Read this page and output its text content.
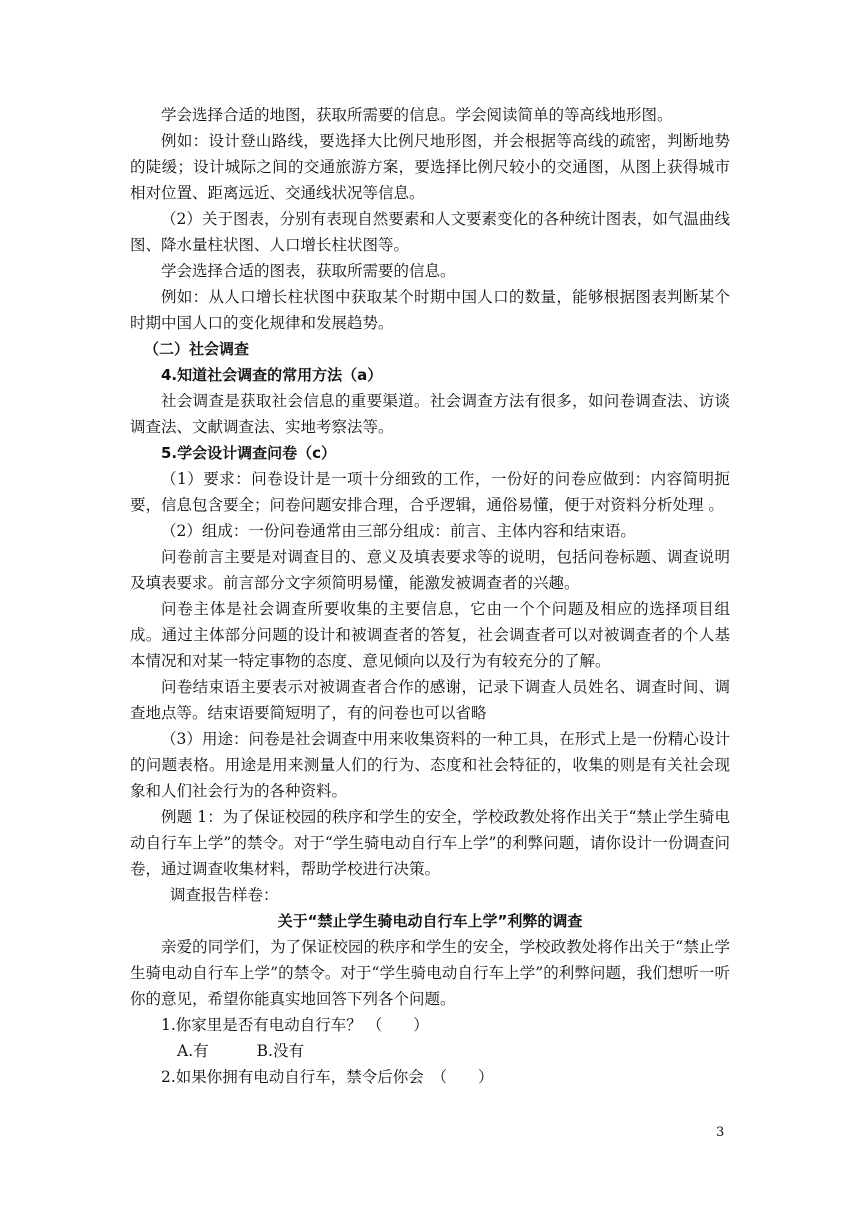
学会选择合适的地图，获取所需要的信息。学会阅读简单的等高线地形图。

例如：设计登山路线，要选择大比例尺地形图，并会根据等高线的疏密，判断地势的陡缓；设计城际之间的交通旅游方案，要选择比例尺较小的交通图，从图上获得城市相对位置、距离远近、交通线状况等信息。

（2）关于图表，分别有表现自然要素和人文要素变化的各种统计图表，如气温曲线图、降水量柱状图、人口增长柱状图等。

学会选择合适的图表，获取所需要的信息。

例如：从人口增长柱状图中获取某个时期中国人口的数量，能够根据图表判断某个时期中国人口的变化规律和发展趋势。

（二）社会调查

4.知道社会调查的常用方法（a）

社会调查是获取社会信息的重要渠道。社会调查方法有很多，如问卷调查法、访谈调查法、文献调查法、实地考察法等。

5.学会设计调查问卷（c）

（1）要求：问卷设计是一项十分细致的工作，一份好的问卷应做到：内容简明扼要，信息包含要全；问卷问题安排合理，合乎逻辑，通俗易懂，便于对资料分析处理 。

（2）组成：一份问卷通常由三部分组成：前言、主体内容和结束语。

问卷前言主要是对调查目的、意义及填表要求等的说明，包括问卷标题、调查说明及填表要求。前言部分文字须简明易懂，能激发被调查者的兴趣。

问卷主体是社会调查所要收集的主要信息，它由一个个问题及相应的选择项目组成。通过主体部分问题的设计和被调查者的答复，社会调查者可以对被调查者的个人基本情况和对某一特定事物的态度、意见倾向以及行为有较充分的了解。

问卷结束语主要表示对被调查者合作的感谢，记录下调查人员姓名、调查时间、调查地点等。结束语要简短明了，有的问卷也可以省略

（3）用途：问卷是社会调查中用来收集资料的一种工具，在形式上是一份精心设计的问题表格。用途是用来测量人们的行为、态度和社会特征的，收集的则是有关社会现象和人们社会行为的各种资料。

例题 1：为了保证校园的秩序和学生的安全，学校政教处将作出关于“禁止学生骑电动自行车上学”的禁令。对于“学生骑电动自行车上学”的利弊问题，请你设计一份调查问卷，通过调查收集材料，帮助学校进行决策。

调查报告样卷：

关于“禁止学生骑电动自行车上学”利弊的调查

亲爱的同学们，为了保证校园的秩序和学生的安全，学校政教处将作出关于“禁止学生骑电动自行车上学”的禁令。对于“学生骑电动自行车上学”的利弊问题，我们想听一听你的意见，希望你能真实地回答下列各个问题。

1.你家里是否有电动自行车？ （　　）

A.有	B.没有

2.如果你拥有电动自行车，禁令后你会　（　　）

3
